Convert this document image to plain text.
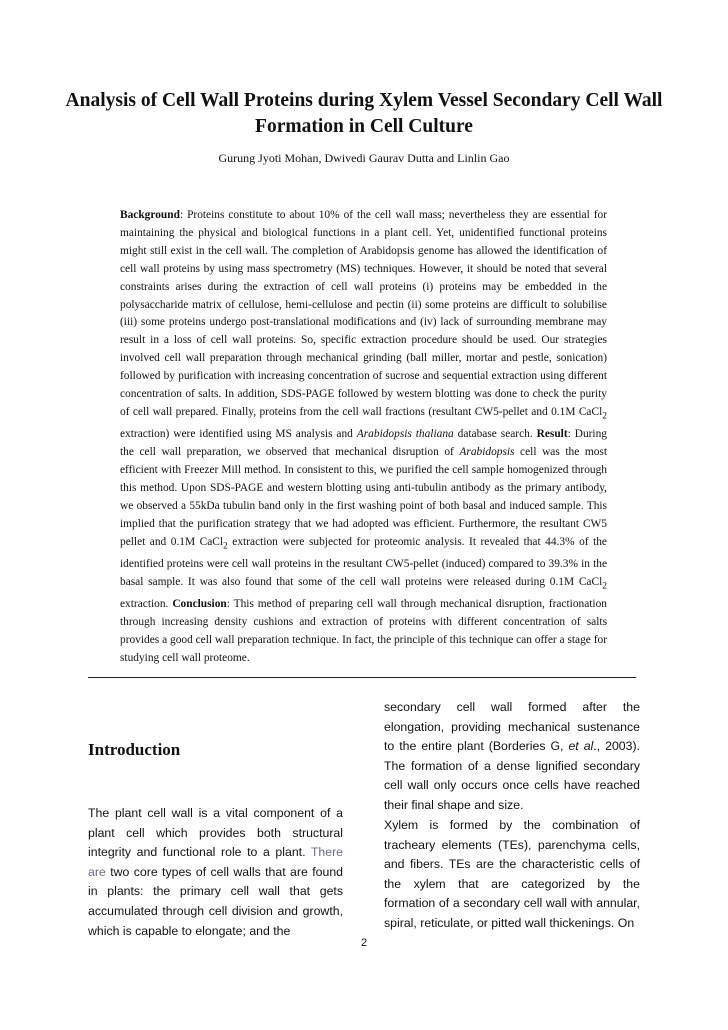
Analysis of Cell Wall Proteins during Xylem Vessel Secondary Cell Wall Formation in Cell Culture
Gurung Jyoti Mohan, Dwivedi Gaurav Dutta and Linlin Gao

Background: Proteins constitute to about 10% of the cell wall mass; nevertheless they are essential for maintaining the physical and biological functions in a plant cell. Yet, unidentified functional proteins might still exist in the cell wall. The completion of Arabidopsis genome has allowed the identification of cell wall proteins by using mass spectrometry (MS) techniques. However, it should be noted that several constraints arises during the extraction of cell wall proteins (i) proteins may be embedded in the polysaccharide matrix of cellulose, hemi-cellulose and pectin (ii) some proteins are difficult to solubilise (iii) some proteins undergo post-translational modifications and (iv) lack of surrounding membrane may result in a loss of cell wall proteins. So, specific extraction procedure should be used. Our strategies involved cell wall preparation through mechanical grinding (ball miller, mortar and pestle, sonication) followed by purification with increasing concentration of sucrose and sequential extraction using different concentration of salts. In addition, SDS-PAGE followed by western blotting was done to check the purity of cell wall prepared. Finally, proteins from the cell wall fractions (resultant CW5-pellet and 0.1M CaCl$_2$ extraction) were identified using MS analysis and Arabidopsis thaliana database search. Result: During the cell wall preparation, we observed that mechanical disruption of Arabidopsis cell was the most efficient with Freezer Mill method. In consistent to this, we purified the cell sample homogenized through this method. Upon SDS-PAGE and western blotting using anti-tubulin antibody as the primary antibody, we observed a 55kDa tubulin band only in the first washing point of both basal and induced sample. This implied that the purification strategy that we had adopted was efficient. Furthermore, the resultant CW5 pellet and 0.1M CaCl$_2$ extraction were subjected for proteomic analysis. It revealed that 44.3% of the identified proteins were cell wall proteins in the resultant CW5-pellet (induced) compared to 39.3% in the basal sample. It was also found that some of the cell wall proteins were released during 0.1M CaCl$_2$ extraction. Conclusion: This method of preparing cell wall through mechanical disruption, fractionation through increasing density cushions and extraction of proteins with different concentration of salts provides a good cell wall preparation technique. In fact, the principle of this technique can offer a stage for studying cell wall proteome.

Introduction

The plant cell wall is a vital component of a plant cell which provides both structural integrity and functional role to a plant. There are two core types of cell walls that are found in plants: the primary cell wall that gets accumulated through cell division and growth, which is capable to elongate; and the

secondary cell wall formed after the elongation, providing mechanical sustenance to the entire plant (Borderies G, et al., 2003). The formation of a dense lignified secondary cell wall only occurs once cells have reached their final shape and size.

Xylem is formed by the combination of tracheary elements (TEs), parenchyma cells, and fibers. TEs are the characteristic cells of the xylem that are categorized by the formation of a secondary cell wall with annular, spiral, reticulate, or pitted wall thickenings. On

2
